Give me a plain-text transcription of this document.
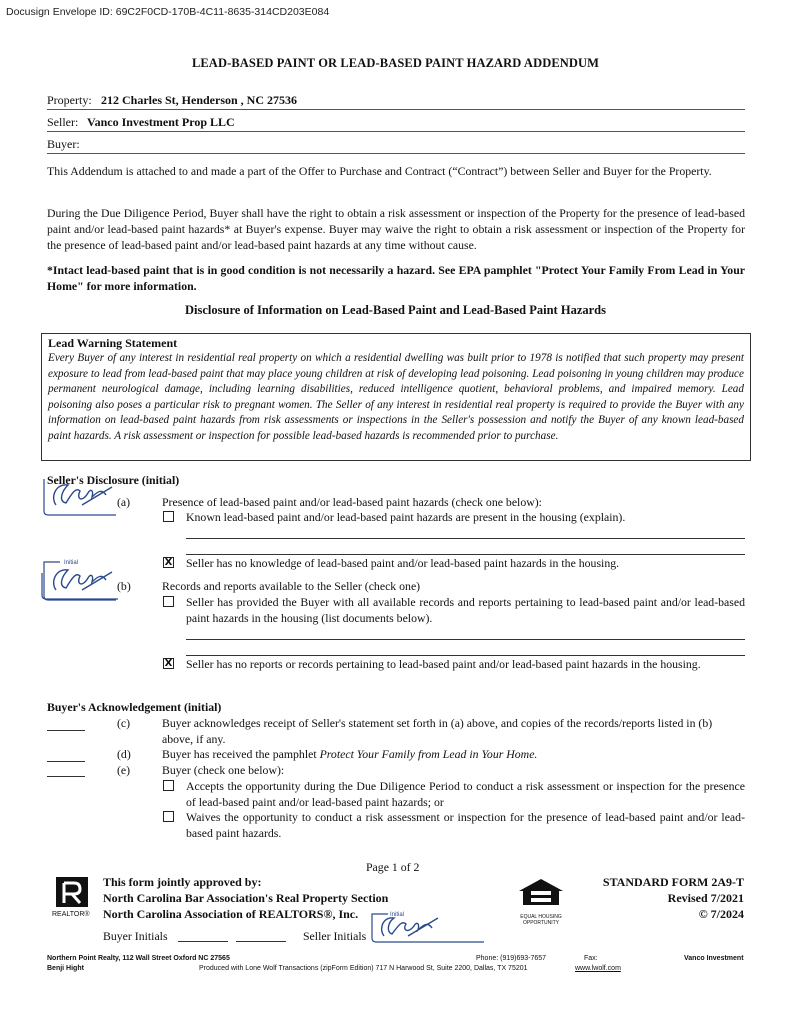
Docusign Envelope ID: 69C2F0CD-170B-4C11-8635-314CD203E084
LEAD-BASED PAINT OR LEAD-BASED PAINT HAZARD ADDENDUM
Property: 212 Charles St, Henderson , NC 27536
Seller: Vanco Investment Prop LLC
Buyer:
This Addendum is attached to and made a part of the Offer to Purchase and Contract (“Contract”) between Seller and Buyer for the Property.
During the Due Diligence Period, Buyer shall have the right to obtain a risk assessment or inspection of the Property for the presence of lead-based paint and/or lead-based paint hazards* at Buyer's expense. Buyer may waive the right to obtain a risk assessment or inspection of the Property for the presence of lead-based paint and/or lead-based paint hazards at any time without cause.
*Intact lead-based paint that is in good condition is not necessarily a hazard. See EPA pamphlet "Protect Your Family From Lead in Your Home" for more information.
Disclosure of Information on Lead-Based Paint and Lead-Based Paint Hazards
Lead Warning Statement
Every Buyer of any interest in residential real property on which a residential dwelling was built prior to 1978 is notified that such property may present exposure to lead from lead-based paint that may place young children at risk of developing lead poisoning. Lead poisoning in young children may produce permanent neurological damage, including learning disabilities, reduced intelligence quotient, behavioral problems, and impaired memory. Lead poisoning also poses a particular risk to pregnant women. The Seller of any interest in residential real property is required to provide the Buyer with any information on lead-based paint hazards from risk assessments or inspections in the Seller's possession and notify the Buyer of any known lead-based paint hazards. A risk assessment or inspection for possible lead-based hazards is recommended prior to purchase.
Seller's Disclosure (initial)
(a)	Presence of lead-based paint and/or lead-based paint hazards (check one below):
Known lead-based paint and/or lead-based paint hazards are present in the housing (explain).
Initial	X Seller has no knowledge of lead-based paint and/or lead-based paint hazards in the housing.
(b)	Records and reports available to the Seller (check one)
Seller has provided the Buyer with all available records and reports pertaining to lead-based paint and/or lead-based paint hazards in the housing (list documents below).
X Seller has no reports or records pertaining to lead-based paint and/or lead-based paint hazards in the housing.
Buyer's Acknowledgement (initial)
(c)	Buyer acknowledges receipt of Seller's statement set forth in (a) above, and copies of the records/reports listed in (b) above, if any.
(d)	Buyer has received the pamphlet Protect Your Family from Lead in Your Home.
(e)	Buyer (check one below):
Accepts the opportunity during the Due Diligence Period to conduct a risk assessment or inspection for the presence of lead-based paint and/or lead-based paint hazards; or
Waives the opportunity to conduct a risk assessment or inspection for the presence of lead-based paint and/or lead-based paint hazards.
Page 1 of 2
REALTOR®
This form jointly approved by:
North Carolina Bar Association's Real Property Section
North Carolina Association of REALTORS®, Inc.	EQUAL HOUSING OPPORTUNITY
STANDARD FORM 2A9-T
Revised 7/2021
© 7/2024
Buyer Initials	Seller Initials
Initial
Northern Point Realty, 112 Wall Street Oxford NC 27565	Phone: (919)693-7657	Fax:	Vanco Investment
Benji Hight	Produced with Lone Wolf Transactions (zipForm Edition) 717 N Harwood St, Suite 2200, Dallas, TX 75201	www.lwolf.com
